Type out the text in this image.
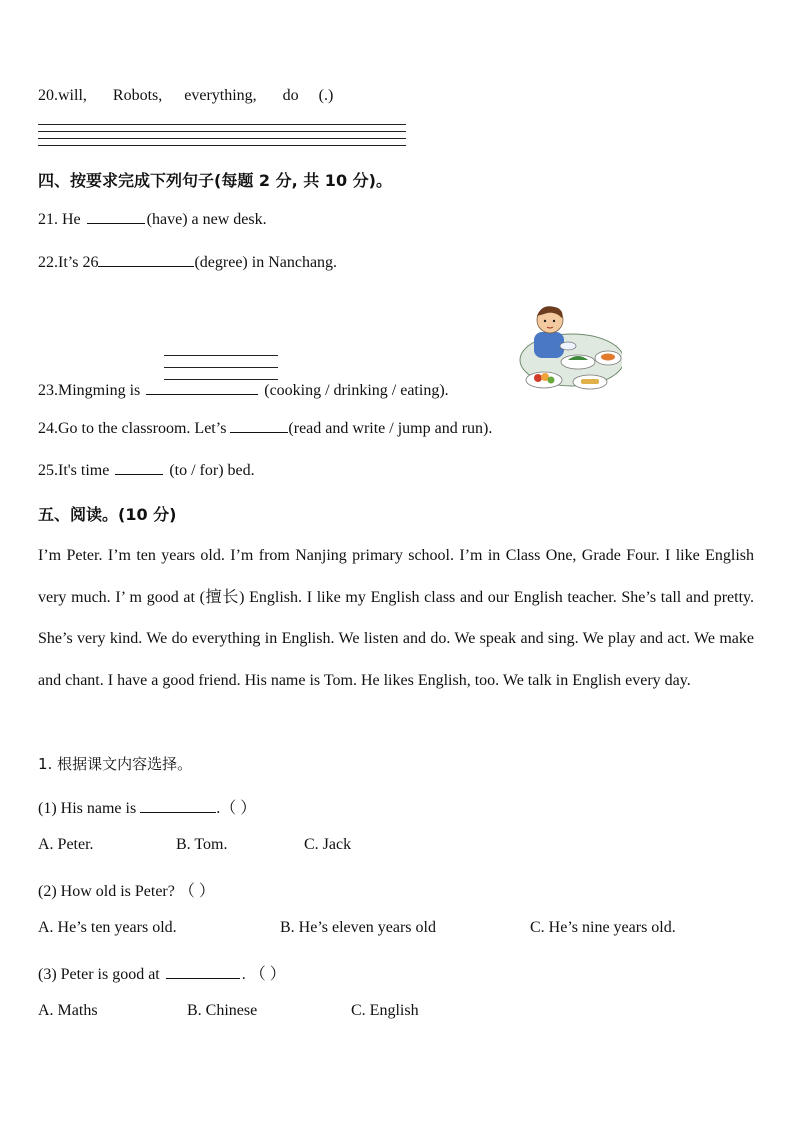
20.will, Robots, everything, do (.)
四、按要求完成下列句子(每题 2 分, 共 10 分)。
21. He	(have) a new desk.
22.It’s 26	(degree) in Nanchang.
23.Mingming is	(cooking / drinking / eating).
24.Go to the classroom. Let’s	(read and write / jump and run).
25.It's time	(to / for) bed.
五、阅读。(10 分)
I’m Peter. I’m ten years old. I’m from Nanjing primary school. I’m in Class One, Grade Four. I like English very much. I’ m good at (擅长) English. I like my English class and our English teacher. She’s tall and pretty. She’s very kind. We do everything in English. We listen and do. We speak and sing. We play and act. We make and chant. I have a good friend. His name is Tom. He likes English, too. We talk in English every day.
1. 根据课文内容选择。
(1) His name is	.（ ）
A. Peter.	B. Tom.	C. Jack
(2) How old is Peter? （ ）
A. He’s ten years old.	B. He’s eleven years old	C. He’s nine years old.
(3) Peter is good at	. （ ）
A. Maths	B. Chinese	C. English
